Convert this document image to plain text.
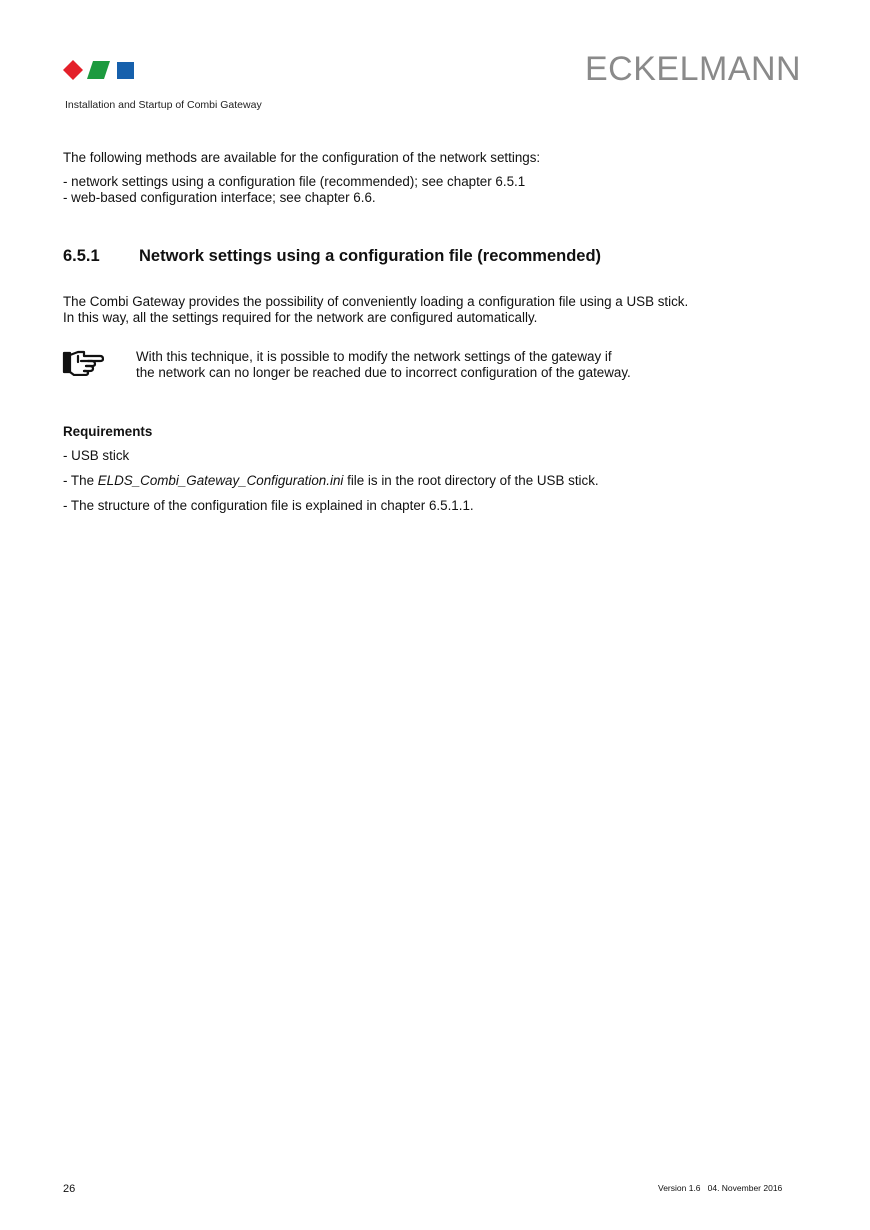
ECKELMANN
Installation and Startup of Combi Gateway
The following methods are available for the configuration of the network settings:
- network settings using a configuration file (recommended); see chapter 6.5.1
- web-based configuration interface; see chapter 6.6.
6.5.1 Network settings using a configuration file (recommended)
The Combi Gateway provides the possibility of conveniently loading a configuration file using a USB stick.
In this way, all the settings required for the network are configured automatically.
With this technique, it is possible to modify the network settings of the gateway if
the network can no longer be reached due to incorrect configuration of the gateway.
Requirements
- USB stick
- The ELDS_Combi_Gateway_Configuration.ini file is in the root directory of the USB stick.
- The structure of the configuration file is explained in chapter 6.5.1.1.
26	Version 1.6   04. November 2016
